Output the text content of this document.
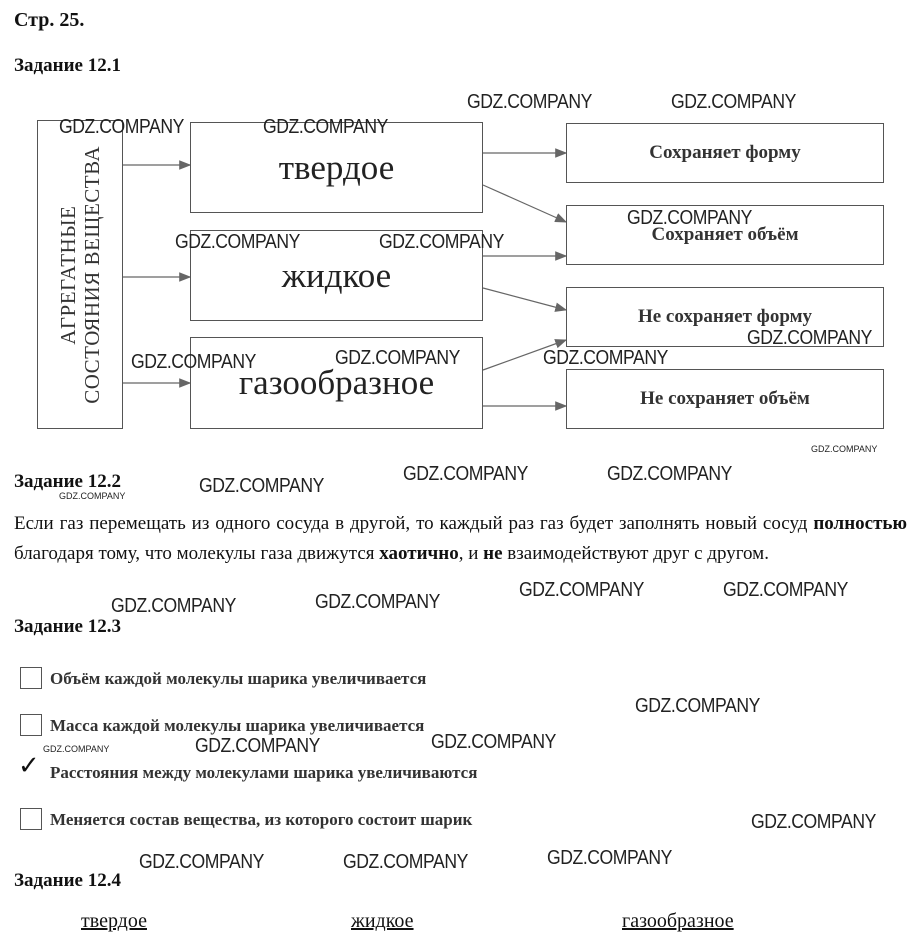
Стр. 25.
Задание 12.1
АГРЕГАТНЫЕ
СОСТОЯНИЯ ВЕЩЕСТВА	твердое
жидкое
газообразное
Сохраняет форму
Сохраняет объём
Не сохраняет форму
Не сохраняет объём
Задание 12.2
Если газ перемещать из одного сосуда в другой, то каждый раз газ будет заполнять новый сосуд полностью благодаря тому, что молекулы газа движутся хаотично, и не взаимодействуют друг с другом.
Задание 12.3
Объём каждой молекулы шарика увеличивается
Масса каждой молекулы шарика увеличивается
✓ Расстояния между молекулами шарика увеличиваются
Меняется состав вещества, из которого состоит шарик
Задание 12.4
твердое	жидкое	газообразное
GDZ.COMPANY	GDZ.COMPANY
GDZ.COMPANY	GDZ.COMPANY
GDZ.COMPANY
GDZ.COMPANY	GDZ.COMPANY
GDZ.COMPANY
GDZ.COMPANY	GDZ.COMPANY	GDZ.COMPANY
GDZ.COMPANY
GDZ.COMPANY	GDZ.COMPANY
GDZ.COMPANY
GDZ.COMPANY
GDZ.COMPANY	GDZ.COMPANY
GDZ.COMPANY	GDZ.COMPANY
GDZ.COMPANY
GDZ.COMPANY	GDZ.COMPANY
GDZ.COMPANY
GDZ.COMPANY
GDZ.COMPANY	GDZ.COMPANY	GDZ.COMPANY
